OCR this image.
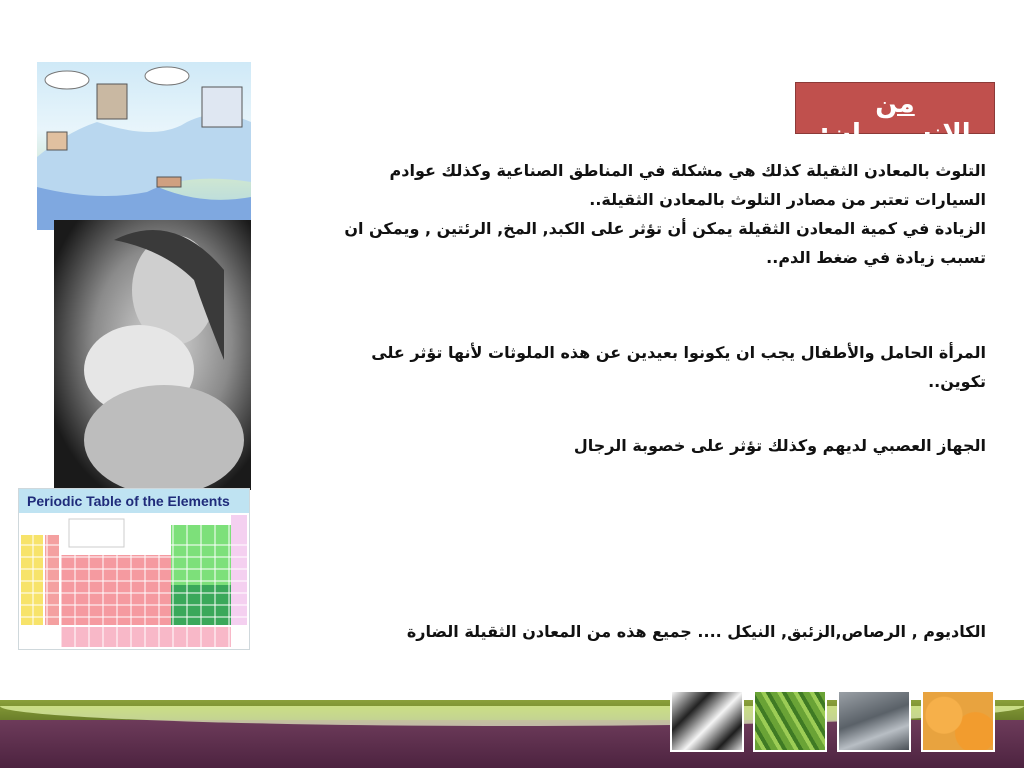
من الانســـــان:
التلوث بالمعادن الثقيلة كذلك هي مشكلة في المناطق الصناعية وكذلك عوادم السيارات تعتبر من مصادر التلوث بالمعادن الثقيلة..
الزيادة في كمية المعادن الثقيلة يمكن أن تؤثر على الكبد, المخ, الرئتين , ويمكن ان تسبب زيادة في ضغط الدم..
المرأة الحامل والأطفال يجب ان يكونوا بعيدين عن هذه الملوثات لأنها تؤثر على تكوين..
الجهاز العصبي لديهم وكذلك تؤثر على خصوبة الرجال
الكاديوم , الرصاص,الزئبق, النيكل .... جميع هذه من المعادن الثقيلة الضارة
Periodic Table of the Elements
